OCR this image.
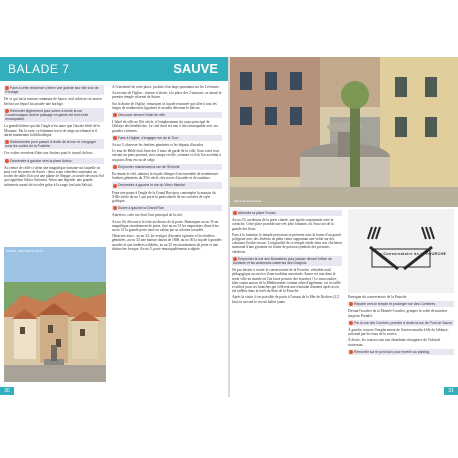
BALADE 7	SAUVE
Face à cette résidence s'élève une grande tour dite tour de l'Horloge.

De ce qui fut la maison commune de Sauve, seul subsiste cet ancien beffroi sur lequel fut ajoutée une horloge.

Remonter légèrement pour suivre à droite la rue Coudenousque dont le passage en galets est tout à fait remarquable.

La grande bâtisse qui fait l'angle n'est autre que l'ancien hôtel de la Monnaie. Par la suite, ce bâtiment servit de siège au tribunal et il abrite maintenant la bibliothèque.

Redescendre pour passer à droite de la tour et s'engager sous les voûtes de la Fusterie.

Ces voûtes servaient d'abri aux fustiers pour le travail du bois.

Descendre à gauche vers la place Astruc.

Au centre de celle-ci trône une magnifique fontaine sur laquelle on peut voir les armes de Sauve : deux tours crénelées soutenant un rocher de sable d'où sort une plante de Slangie, accostée des mots Sal qui signifient Salvia Salvatrix. Selon une légende, une grande infirmerie aurait été accolée grâce à la sauge (en latin Salvia).

À l'extrémité de cette place, profiter d'un large panorama sur les Cévennes.

Au niveau de l'église : tourner à droite, à la place des 2 maisons, se situait le premier temple réformé de Sauve.

Sur la droite de l'église, remarquer la façade restaurée qui offre à tous les étages de nombreuses figurines et arcades décorant le balcon.

Découvrir devant l'hôtel de ville.

L'hôtel de ville au XIe siècle, à l'emplacement du corps principal de l'abbaye des bénédictins. Le côté droit est tout à fait remarquable avec ses grandes colonnes.

Face à l'église, s'engager rue de la Tour.

Au no 3, observer les fenêtres géminées et les départs d'arcades.

Le tour de Hilde était l'une des 3 tours de garde de la ville. Sous votre tour existait un puits profond, avec rampe en tôle, ceinture et d'où l'on accédait à un point d'eau en cas de siège.

Emprunter maintenant la rue de l'Évêché.

En tenant le côté, admirer la façade lithique d'un ensemble de nombreuses fenêtres géminées du XVe siècle, des traces d'arcades et de rondeurs.

Descendre à gauche la rue du Vieux Marché.

Faire une pause à l'angle de la Grand Rue pour contempler la maison du XIIIe siècle du no 1 qui porte la particularité de ses croisées de style gothique.

Suivre à gauche la Grand Rue.

Autrefois, cette rue était l'axe principal de la cité.

Au no 46, découvrir la frise au-dessus de la porte. Remarquer au no 35 un magnifique encadrement de porte, face au no 33 les empreintes d'une frise, au no 31 la grande porte mise en valeur par sa colonne torsadée.

Observez aussi : au no 34, les vestiges d'arcades ogivales et les fenêtres géminées, au no 32 une maison datant de 1868, au no 30 la façade à grandes arcades et aux fenêtres trilobées, au no 25 un encadrement de porte et une distinctive fresque. Au no 5, porte remarquablement sculptée.

SAUVE, LES VIEUX TOITS
30
Place de la Fontaine
Atteindre la place Florian.

Au no 10, au-dessus de la porte cintrée, une agrafe surprenante orne la corniche. Cette place possède une très jolie fontaine, où l'eau sort de la gueule des lions.

Face à la fontaine, le temple protestant se présente sous la forme d'un grand polygone avec des fenêtres en plein cintre supportant une voûte sur des colonnes d'ordre toscan. L'originalité de ce temple réside dans son clocheton surmonté d'une girouette en forme de poisson symbole des premiers chrétiens.

Emprunter la rue des Bonnetiers pour passer devant l'office de tourisme et les anciennes casernes des Dragons.

Ne pas hésiter à visiter le conservatoire de la Fourche, véritable outil pédagogique au service d'une tradition ancestrale. Sauve est non dans la seule ville au monde où l'on fasse pousser des fourches ! Le micocoulier, bien connu autour de la Méditerranée comme arbre d'agrément, est ici taillé et utilisé pour ses branches qui s'élèvent une trentaine d'années après avoir été taillées dans la forêt du Bois de la Fourche.

Après la visite, il est possible de partir à l'assaut de la Mer de Rochers (2,5 km) en suivant le circuit balisé jaune.

Le Conservatoire de la FOURCHE

Enseigne du conservatoire de la Fourche

Repartir vers le temple et prolonger rue des Cornières.

Devant l'escalier de la Montée-Cavalier, grimper la volée de marches jusqu'au Portalet.

Par la rue des Combes, prendre à droite la rue de Pont de Sauve.

À gauche, trouver l'emplacement de l'ancien moulin à blé de l'abbaye, actionné par les eaux de la source.

À droite, les sources sont une abondante résurgence du Vidourle souterrain.

Remonter sur le pont tous pour revenir au parking.
31
